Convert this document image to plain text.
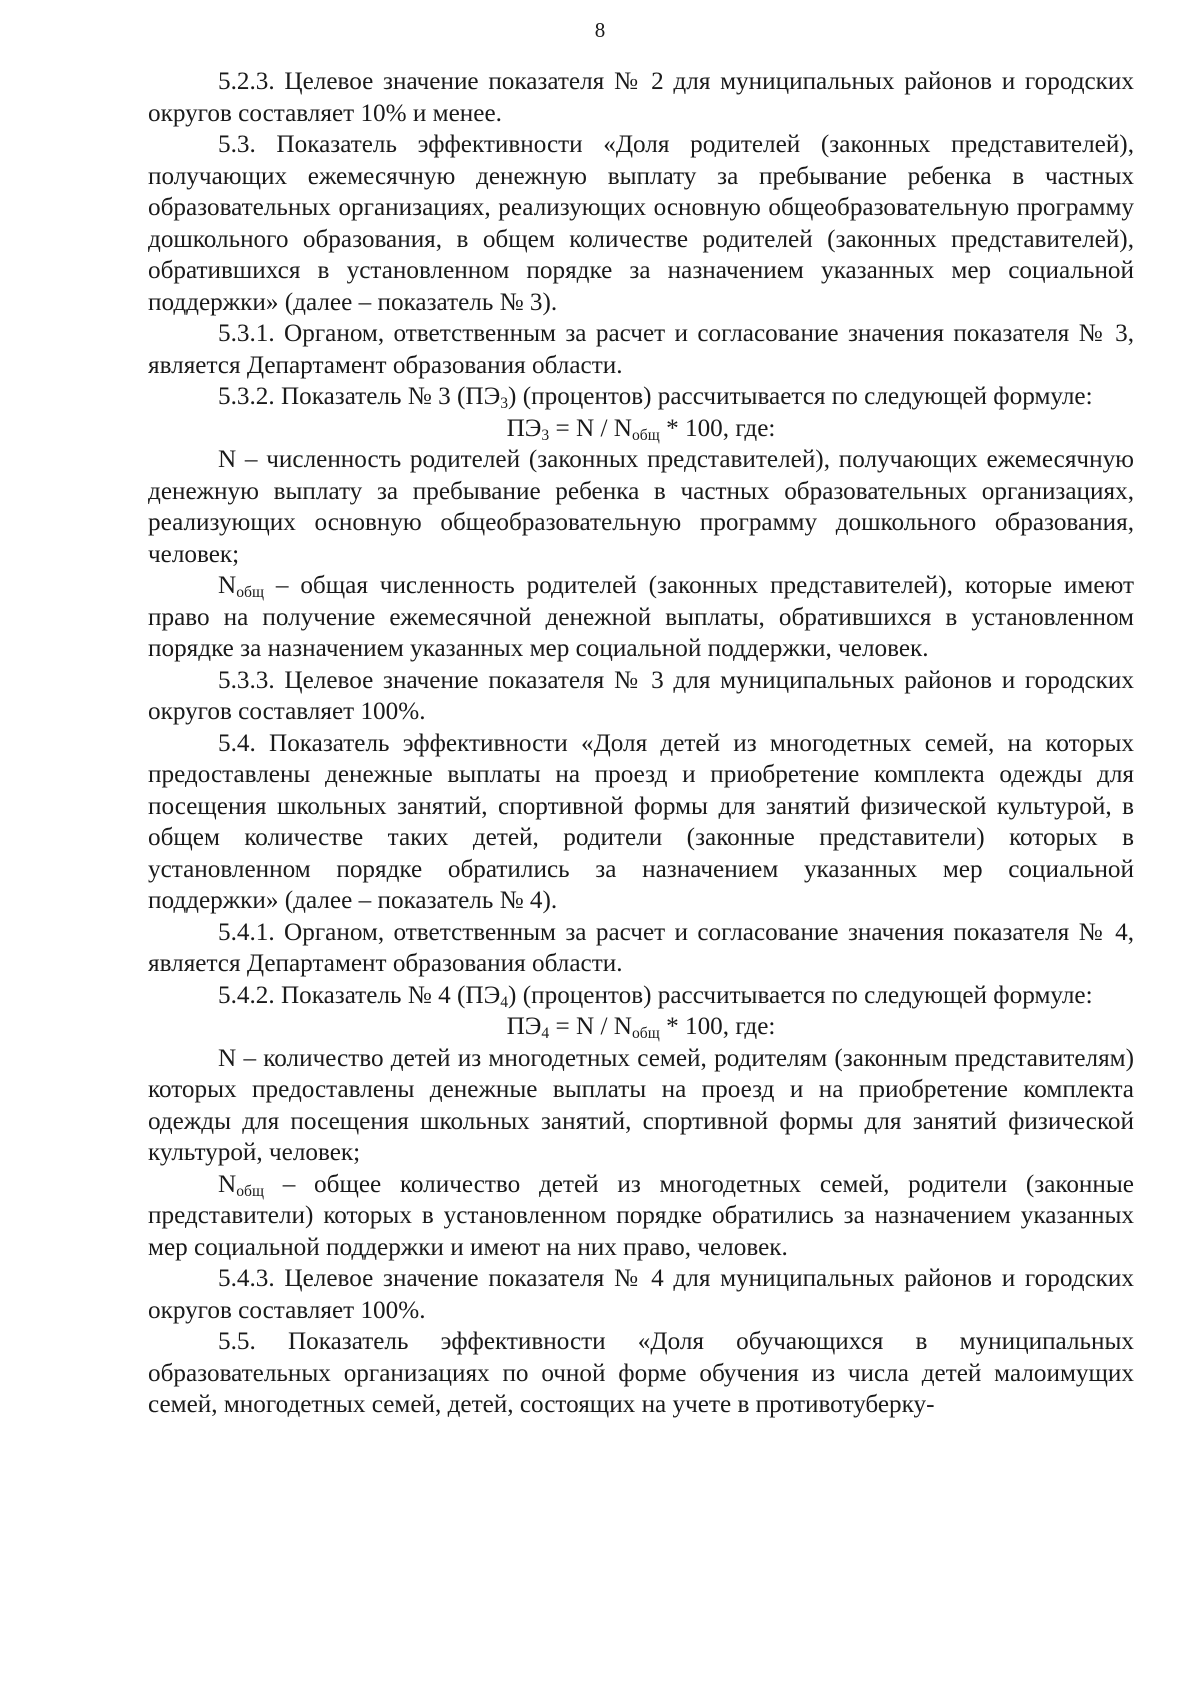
8

5.2.3. Целевое значение показателя № 2 для муниципальных районов и городских округов составляет 10% и менее.

5.3. Показатель эффективности «Доля родителей (законных представителей), получающих ежемесячную денежную выплату за пребывание ребенка в частных образовательных организациях, реализующих основную общеобразовательную программу дошкольного образования, в общем количестве родителей (законных представителей), обратившихся в установленном порядке за назначением указанных мер социальной поддержки» (далее – показатель № 3).

5.3.1. Органом, ответственным за расчет и согласование значения показателя № 3, является Департамент образования области.

5.3.2. Показатель № 3 $(ПЭ_3)$ (процентов) рассчитывается по следующей формуле:

$ПЭ_3 = N / N_{общ} * 100$, где:

N – численность родителей (законных представителей), получающих ежемесячную денежную выплату за пребывание ребенка в частных образовательных организациях, реализующих основную общеобразовательную программу дошкольного образования, человек;

$N_{общ}$ – общая численность родителей (законных представителей), которые имеют право на получение ежемесячной денежной выплаты, обратившихся в установленном порядке за назначением указанных мер социальной поддержки, человек.

5.3.3. Целевое значение показателя № 3 для муниципальных районов и городских округов составляет 100%.

5.4. Показатель эффективности «Доля детей из многодетных семей, на которых предоставлены денежные выплаты на проезд и приобретение комплекта одежды для посещения школьных занятий, спортивной формы для занятий физической культурой, в общем количестве таких детей, родители (законные представители) которых в установленном порядке обратились за назначением указанных мер социальной поддержки» (далее – показатель № 4).

5.4.1. Органом, ответственным за расчет и согласование значения показателя № 4, является Департамент образования области.

5.4.2. Показатель № 4 $(ПЭ_4)$ (процентов) рассчитывается по следующей формуле:

$ПЭ_4 = N / N_{общ} * 100$, где:

N – количество детей из многодетных семей, родителям (законным представителям) которых предоставлены денежные выплаты на проезд и на приобретение комплекта одежды для посещения школьных занятий, спортивной формы для занятий физической культурой, человек;

$N_{общ}$ – общее количество детей из многодетных семей, родители (законные представители) которых в установленном порядке обратились за назначением указанных мер социальной поддержки и имеют на них право, человек.

5.4.3. Целевое значение показателя № 4 для муниципальных районов и городских округов составляет 100%.

5.5. Показатель эффективности «Доля обучающихся в муниципальных образовательных организациях по очной форме обучения из числа детей малоимущих семей, многодетных семей, детей, состоящих на учете в противотуберку-
